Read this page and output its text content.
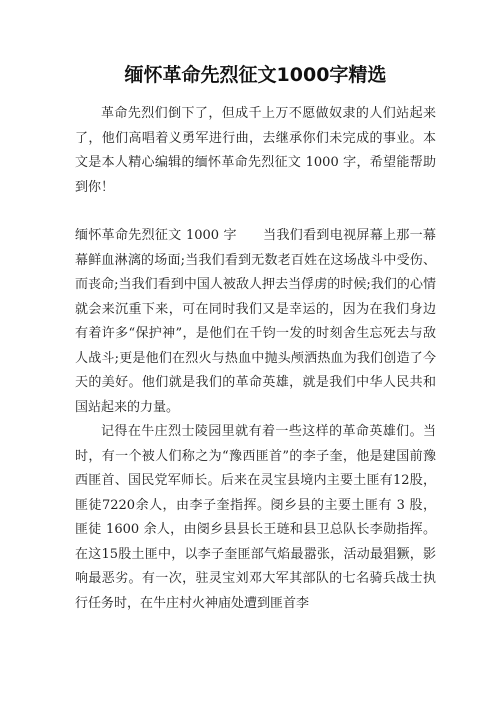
缅怀革命先烈征文1000字精选

革命先烈们倒下了，但成千上万不愿做奴隶的人们站起来了，他们高唱着义勇军进行曲，去继承你们未完成的事业。本文是本人精心编辑的缅怀革命先烈征文 1000 字，希望能帮助到你！

缅怀革命先烈征文 1000 字 当我们看到电视屏幕上那一幕幕鲜血淋漓的场面;当我们看到无数老百姓在这场战斗中受伤、而丧命;当我们看到中国人被敌人押去当俘虏的时候;我们的心情就会来沉重下来，可在同时我们又是幸运的，因为在我们身边有着许多“保护神”，是他们在千钧一发的时刻舍生忘死去与敌人战斗;更是他们在烈火与热血中抛头颅洒热血为我们创造了今天的美好。他们就是我们的革命英雄，就是我们中华人民共和国站起来的力量。

记得在牛庄烈士陵园里就有着一些这样的革命英雄们。当时，有一个被人们称之为“豫西匪首”的李子奎，他是建国前豫西匪首、国民党军师长。后来在灵宝县境内主要土匪有12股，匪徒7220余人，由李子奎指挥。阌乡县的主要土匪有 3 股，匪徒 1600 余人，由阌乡县县长王琏和县卫总队长李勋指挥。在这15股土匪中，以李子奎匪部气焰最嚣张，活动最猖獗，影响最恶劣。有一次，驻灵宝刘邓大军其部队的七名骑兵战士执行任务时，在牛庄村火神庙处遭到匪首李
